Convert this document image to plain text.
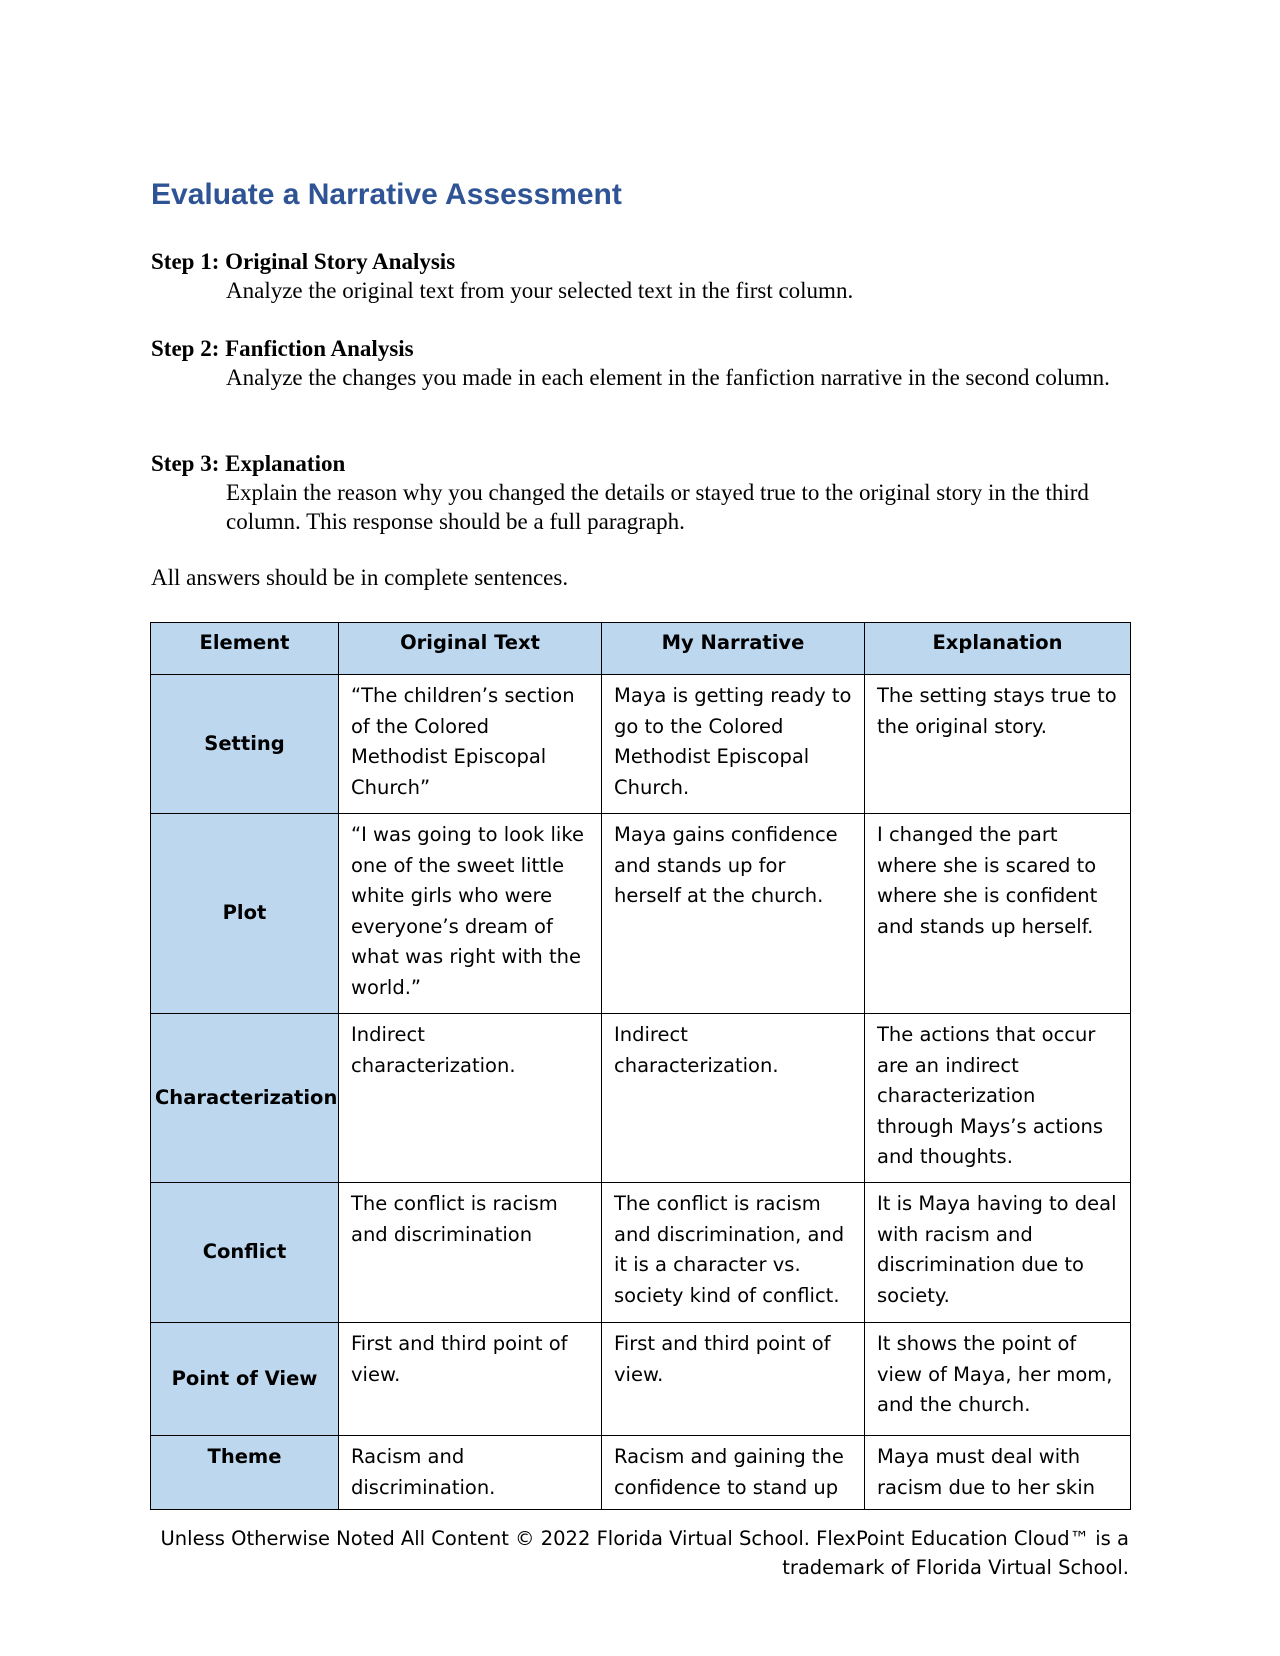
Evaluate a Narrative Assessment
Step 1: Original Story Analysis
Analyze the original text from your selected text in the first column.
Step 2: Fanfiction Analysis
Analyze the changes you made in each element in the fanfiction narrative in the second column.
Step 3: Explanation
Explain the reason why you changed the details or stayed true to the original story in the third column. This response should be a full paragraph.
All answers should be in complete sentences.
Element	Original Text	My Narrative	Explanation
Setting	“The children’s section of the Colored Methodist Episcopal Church”	Maya is getting ready to go to the Colored Methodist Episcopal Church.	The setting stays true to the original story.
Plot	“I was going to look like one of the sweet little white girls who were everyone’s dream of what was right with the world.”	Maya gains confidence and stands up for herself at the church.	I changed the part where she is scared to where she is confident and stands up herself.
Characterization	Indirect characterization.	Indirect characterization.	The actions that occur are an indirect characterization through Mays’s actions and thoughts.
Conflict	The conflict is racism and discrimination	The conflict is racism and discrimination, and it is a character vs. society kind of conflict.	It is Maya having to deal with racism and discrimination due to society.
Point of View	First and third point of view.	First and third point of view.	It shows the point of view of Maya, her mom, and the church.
Theme	Racism and discrimination.	Racism and gaining the confidence to stand up	Maya must deal with racism due to her skin
Unless Otherwise Noted All Content © 2022 Florida Virtual School. FlexPoint Education Cloud™ is a
trademark of Florida Virtual School.
